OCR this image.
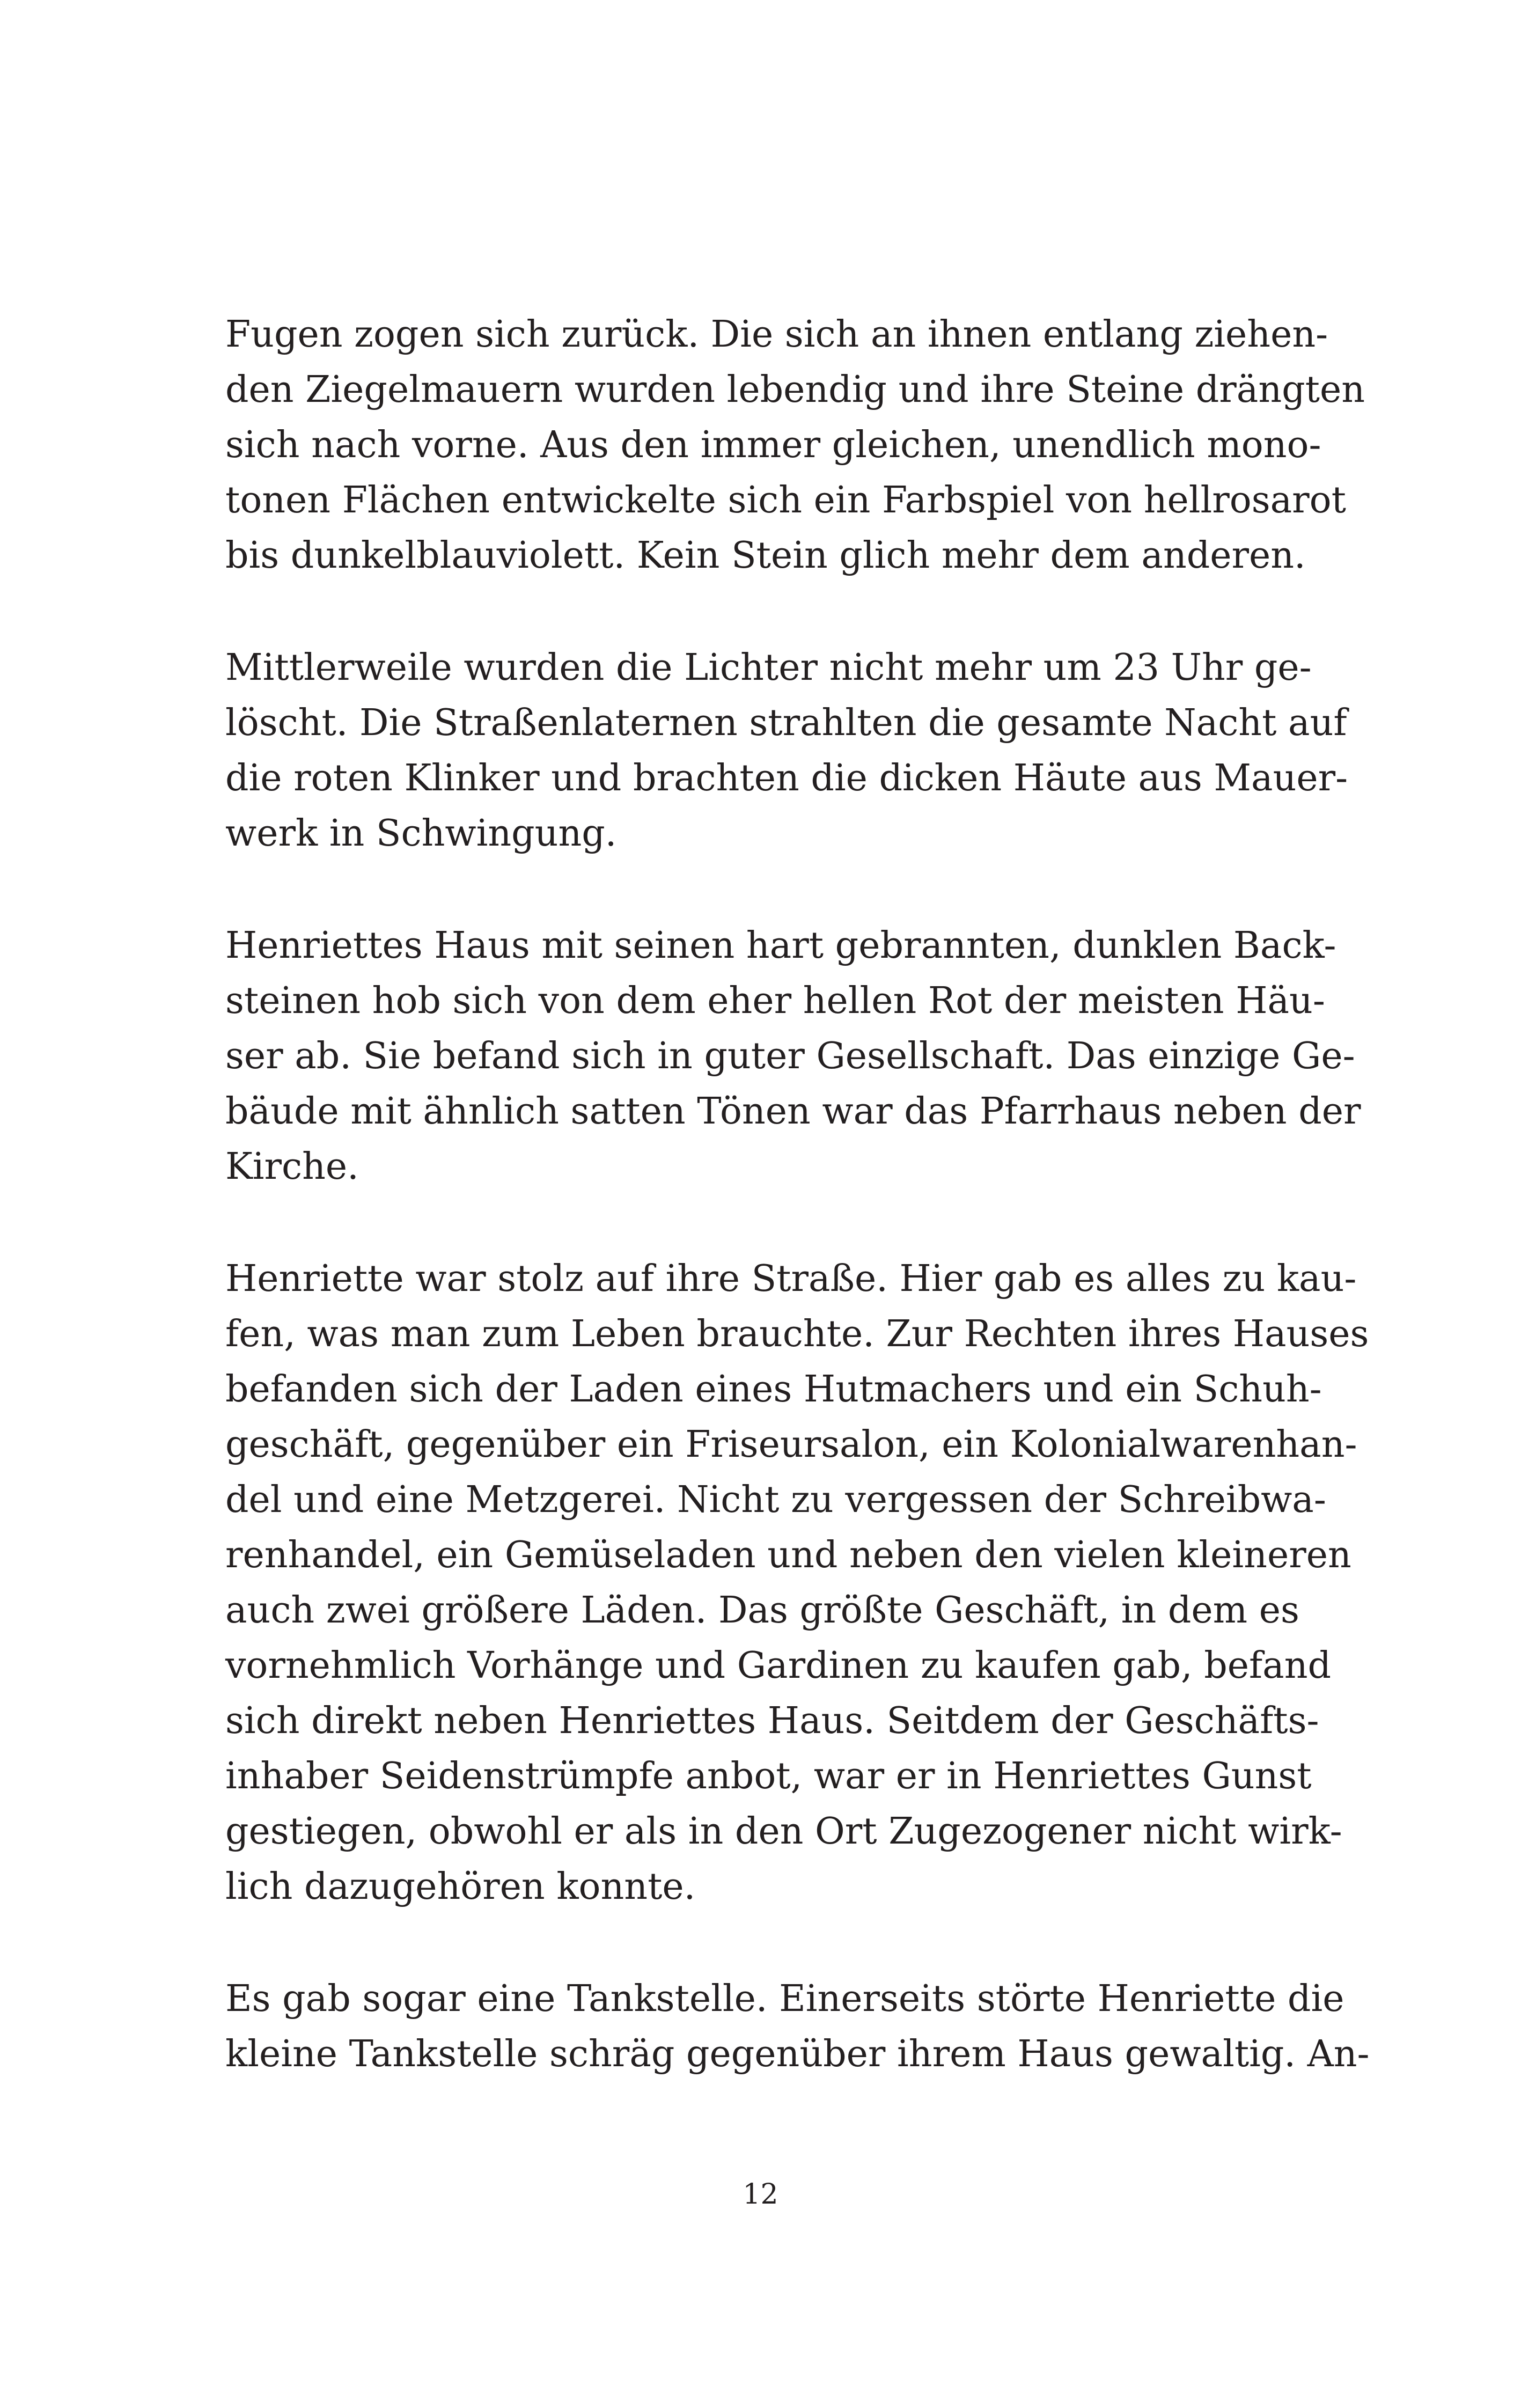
Fugen zogen sich zurück. Die sich an ihnen entlang ziehen-
den Ziegelmauern wurden lebendig und ihre Steine drängten
sich nach vorne. Aus den immer gleichen, unendlich mono-
tonen Flächen entwickelte sich ein Farbspiel von hellrosarot
bis dunkelblauviolett. Kein Stein glich mehr dem anderen.
Mittlerweile wurden die Lichter nicht mehr um 23 Uhr ge-
löscht. Die Straßenlaternen strahlten die gesamte Nacht auf
die roten Klinker und brachten die dicken Häute aus Mauer-
werk in Schwingung.
Henriettes Haus mit seinen hart gebrannten, dunklen Back-
steinen hob sich von dem eher hellen Rot der meisten Häu-
ser ab. Sie befand sich in guter Gesellschaft. Das einzige Ge-
bäude mit ähnlich satten Tönen war das Pfarrhaus neben der
Kirche.
Henriette war stolz auf ihre Straße. Hier gab es alles zu kau-
fen, was man zum Leben brauchte. Zur Rechten ihres Hauses
befanden sich der Laden eines Hutmachers und ein Schuh-
geschäft, gegenüber ein Friseursalon, ein Kolonialwarenhan-
del und eine Metzgerei. Nicht zu vergessen der Schreibwa-
renhandel, ein Gemüseladen und neben den vielen kleineren
auch zwei größere Läden. Das größte Geschäft, in dem es
vornehmlich Vorhänge und Gardinen zu kaufen gab, befand
sich direkt neben Henriettes Haus. Seitdem der Geschäfts-
inhaber Seidenstrümpfe anbot, war er in Henriettes Gunst
gestiegen, obwohl er als in den Ort Zugezogener nicht wirk-
lich dazugehören konnte.
Es gab sogar eine Tankstelle. Einerseits störte Henriette die
kleine Tankstelle schräg gegenüber ihrem Haus gewaltig. An-
12
